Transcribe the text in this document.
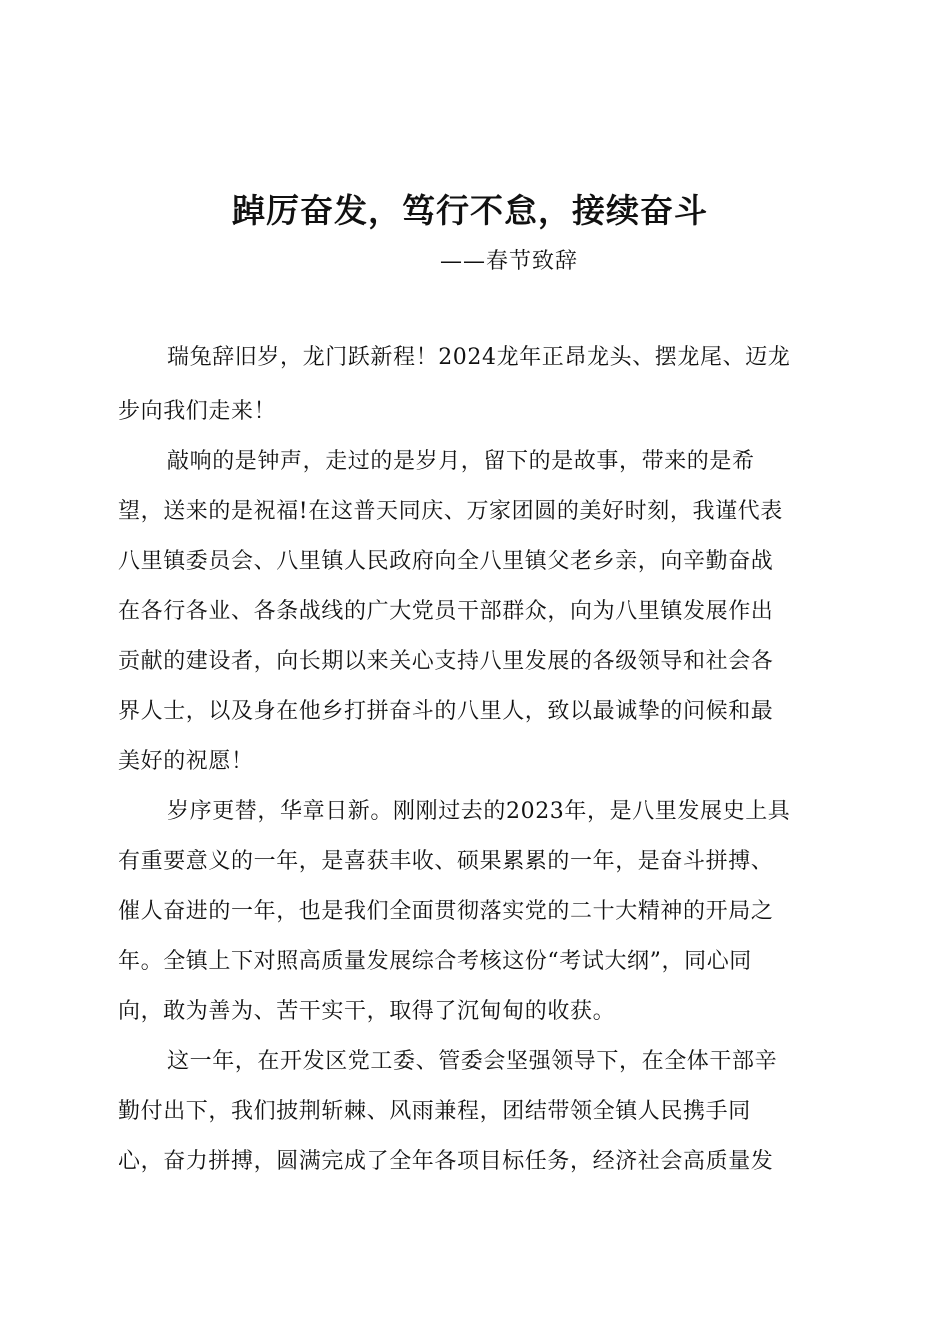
踔厉奋发，笃行不怠，接续奋斗
——春节致辞
瑞兔辞旧岁，龙门跃新程！2024龙年正昂龙头、摆龙尾、迈龙
步向我们走来！
敲响的是钟声，走过的是岁月，留下的是故事，带来的是希
望，送来的是祝福!在这普天同庆、万家团圆的美好时刻，我谨代表
八里镇委员会、八里镇人民政府向全八里镇父老乡亲，向辛勤奋战
在各行各业、各条战线的广大党员干部群众，向为八里镇发展作出
贡献的建设者，向长期以来关心支持八里发展的各级领导和社会各
界人士，以及身在他乡打拼奋斗的八里人，致以最诚挚的问候和最
美好的祝愿！
岁序更替，华章日新。刚刚过去的2023年，是八里发展史上具
有重要意义的一年，是喜获丰收、硕果累累的一年，是奋斗拼搏、
催人奋进的一年，也是我们全面贯彻落实党的二十大精神的开局之
年。全镇上下对照高质量发展综合考核这份“考试大纲”，同心同
向，敢为善为、苦干实干，取得了沉甸甸的收获。
这一年，在开发区党工委、管委会坚强领导下，在全体干部辛
勤付出下，我们披荆斩棘、风雨兼程，团结带领全镇人民携手同
心，奋力拼搏，圆满完成了全年各项目标任务，经济社会高质量发
